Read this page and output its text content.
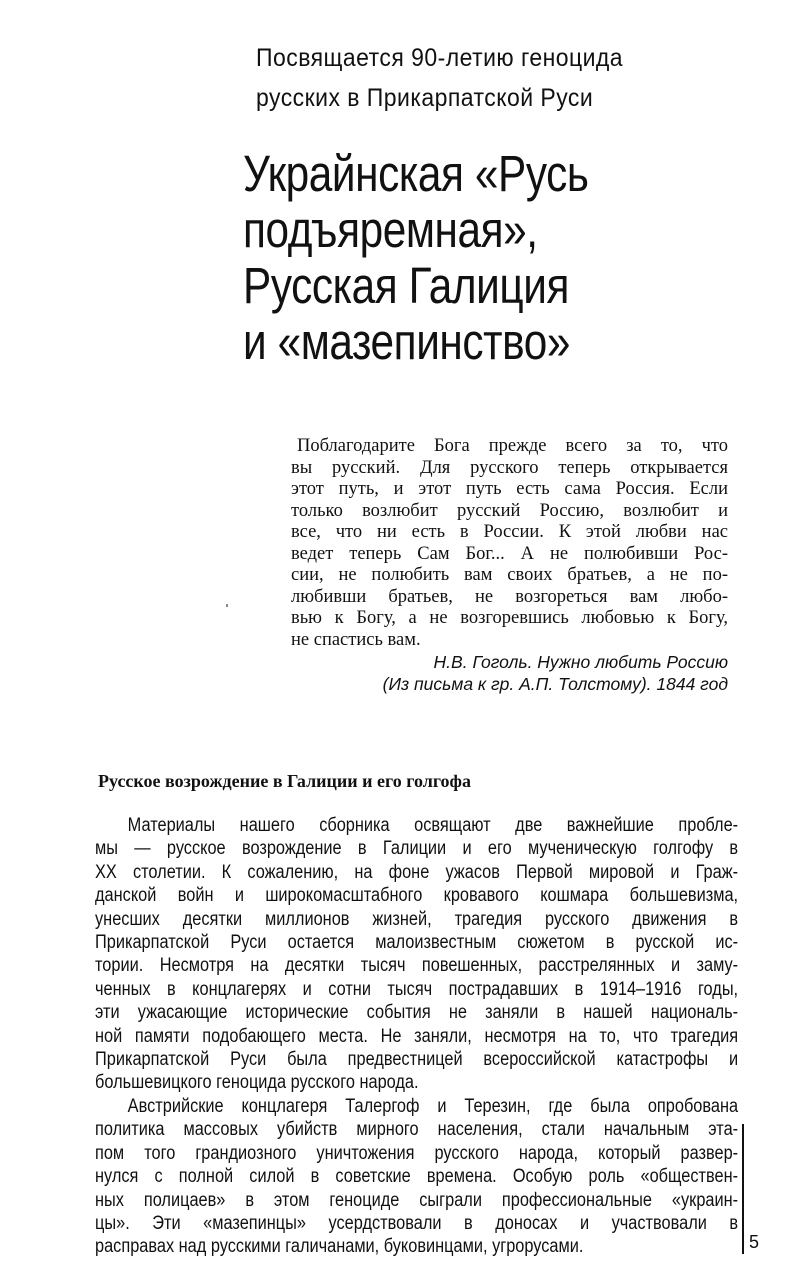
Посвящается 90-летию геноцида
русских в Прикарпатской Руси
Украйнская «Русь
подъяремная»,
Русская Галиция
и «мазепинство»
Поблагодарите Бога прежде всего за то, что
вы русский. Для русского теперь открывается
этот путь, и этот путь есть сама Россия. Если
только возлюбит русский Россию, возлюбит и
все, что ни есть в России. К этой любви нас
ведет теперь Сам Бог... А не полюбивши Рос-
сии, не полюбить вам своих братьев, а не по-
любивши братьев, не возгореться вам любо-
вью к Богу, а не возгоревшись любовью к Богу,
не спастись вам.
Н.В. Гоголь. Нужно любить Россию
(Из письма к гр. А.П. Толстому). 1844 год
Русское возрождение в Галиции и его голгофа
Материалы нашего сборника освящают две важнейшие пробле-
мы — русское возрождение в Галиции и его мученическую голгофу в
XX столетии. К сожалению, на фоне ужасов Первой мировой и Граж-
данской войн и широкомасштабного кровавого кошмара большевизма,
унесших десятки миллионов жизней, трагедия русского движения в
Прикарпатской Руси остается малоизвестным сюжетом в русской ис-
тории. Несмотря на десятки тысяч повешенных, расстрелянных и заму-
ченных в концлагерях и сотни тысяч пострадавших в 1914–1916 годы,
эти ужасающие исторические события не заняли в нашей националь-
ной памяти подобающего места. Не заняли, несмотря на то, что трагедия
Прикарпатской Руси была предвестницей всероссийской катастрофы и
большевицкого геноцида русского народа.
Австрийские концлагеря Талергоф и Терезин, где была опробована
политика массовых убийств мирного населения, стали начальным эта-
пом того грандиозного уничтожения русского народа, который развер-
нулся с полной силой в советские времена. Особую роль «обществен-
ных полицаев» в этом геноциде сыграли профессиональные «украин-
цы». Эти «мазепинцы» усердствовали в доносах и участвовали в
расправах над русскими галичанами, буковинцами, угрорусами.	5
